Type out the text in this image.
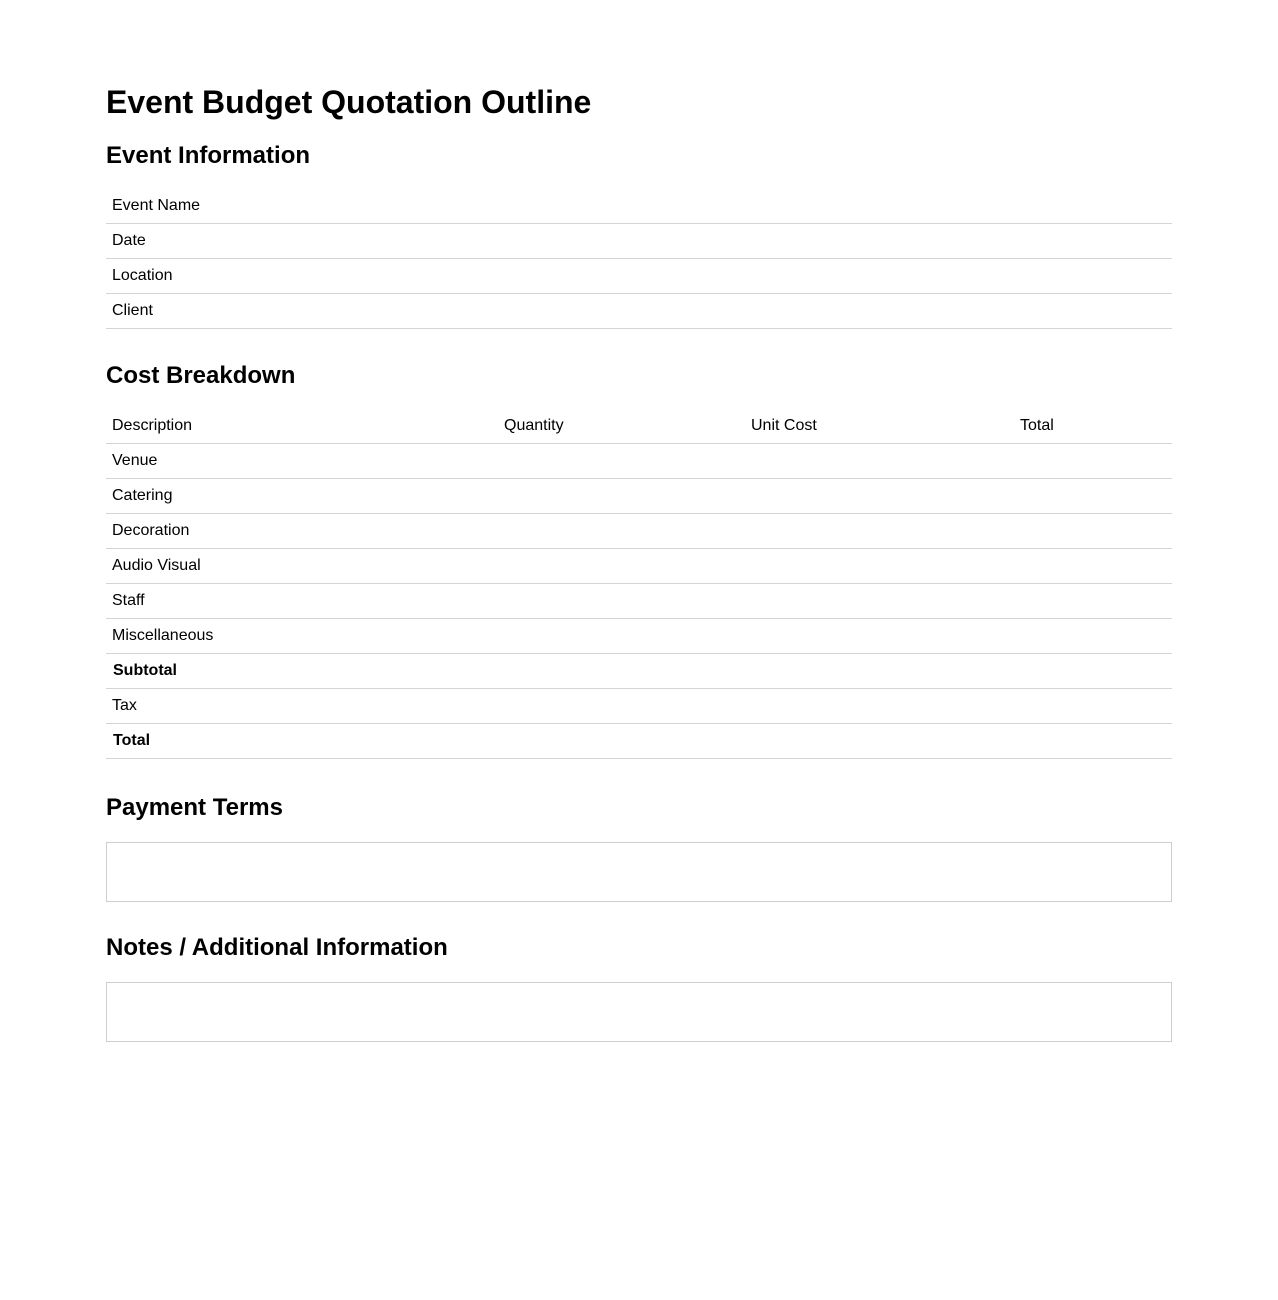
Event Budget Quotation Outline
Event Information
Event Name
Date
Location
Client
Cost Breakdown
Description	Quantity	Unit Cost	Total
Venue			
Catering			
Decoration			
Audio Visual			
Staff			
Miscellaneous			
Subtotal			
Tax			
Total			
Payment Terms
Notes / Additional Information
